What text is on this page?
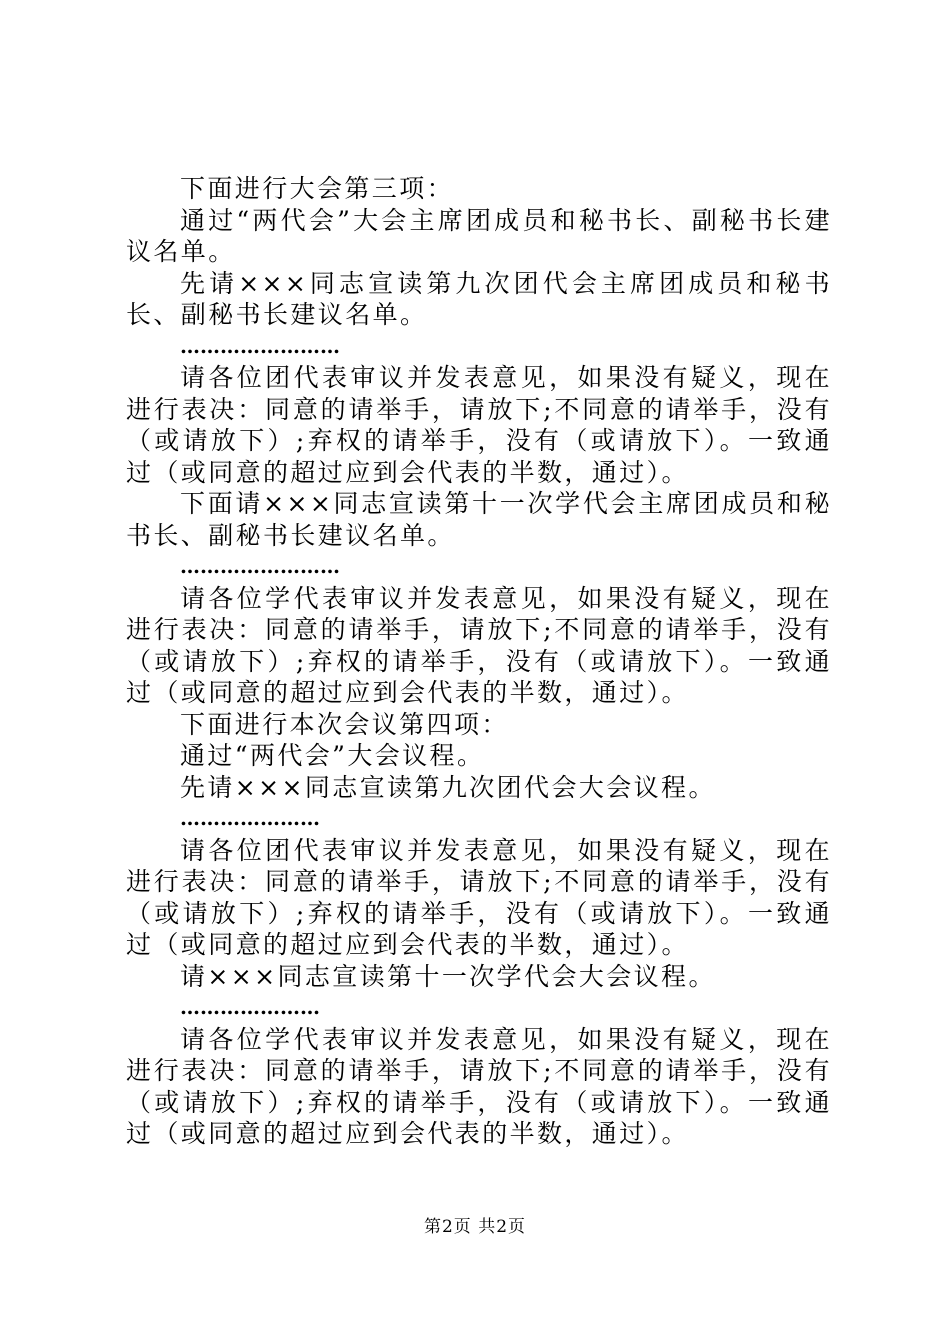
下面进行大会第三项：

通过“两代会”大会主席团成员和秘书长、副秘书长建议名单。

先请×××同志宣读第九次团代会主席团成员和秘书长、副秘书长建议名单。

……………………

请各位团代表审议并发表意见，如果没有疑义，现在进行表决：同意的请举手，请放下;不同意的请举手，没有（或请放下）;弃权的请举手，没有（或请放下）。一致通过（或同意的超过应到会代表的半数，通过）。

下面请×××同志宣读第十一次学代会主席团成员和秘书长、副秘书长建议名单。

……………………

请各位学代表审议并发表意见，如果没有疑义，现在进行表决：同意的请举手，请放下;不同意的请举手，没有（或请放下）;弃权的请举手，没有（或请放下）。一致通过（或同意的超过应到会代表的半数，通过）。

下面进行本次会议第四项：

通过“两代会”大会议程。

先请×××同志宣读第九次团代会大会议程。

…………………

请各位团代表审议并发表意见，如果没有疑义，现在进行表决：同意的请举手，请放下;不同意的请举手，没有（或请放下）;弃权的请举手，没有（或请放下）。一致通过（或同意的超过应到会代表的半数，通过）。

请×××同志宣读第十一次学代会大会议程。

…………………

请各位学代表审议并发表意见，如果没有疑义，现在进行表决：同意的请举手，请放下;不同意的请举手，没有（或请放下）;弃权的请举手，没有（或请放下）。一致通过（或同意的超过应到会代表的半数，通过）。

第2页 共2页
